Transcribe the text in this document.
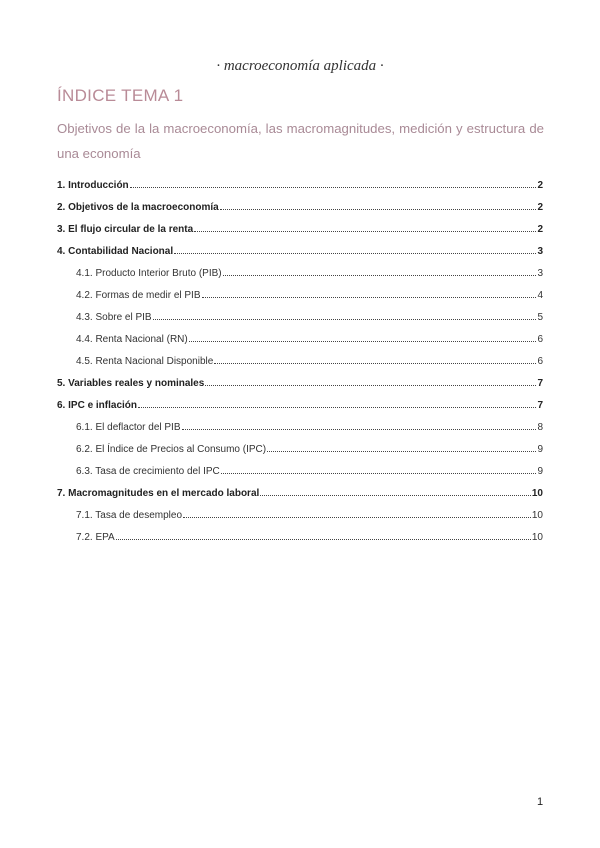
· macroeconomía aplicada ·
ÍNDICE TEMA 1
Objetivos de la la macroeconomía, las macromagnitudes, medición y estructura de una economía
1. Introducción	2
2. Objetivos de la macroeconomía	2
3. El flujo circular de la renta	2
4. Contabilidad Nacional	3
4.1. Producto Interior Bruto (PIB)	3
4.2. Formas de medir el PIB	4
4.3. Sobre el PIB	5
4.4. Renta Nacional (RN)	6
4.5. Renta Nacional Disponible	6
5. Variables reales y nominales	7
6. IPC e inflación	7
6.1. El deflactor del PIB	8
6.2. El Índice de Precios al Consumo (IPC)	9
6.3. Tasa de crecimiento del IPC	9
7. Macromagnitudes en el mercado laboral	10
7.1. Tasa de desempleo	10
7.2. EPA	10
1
